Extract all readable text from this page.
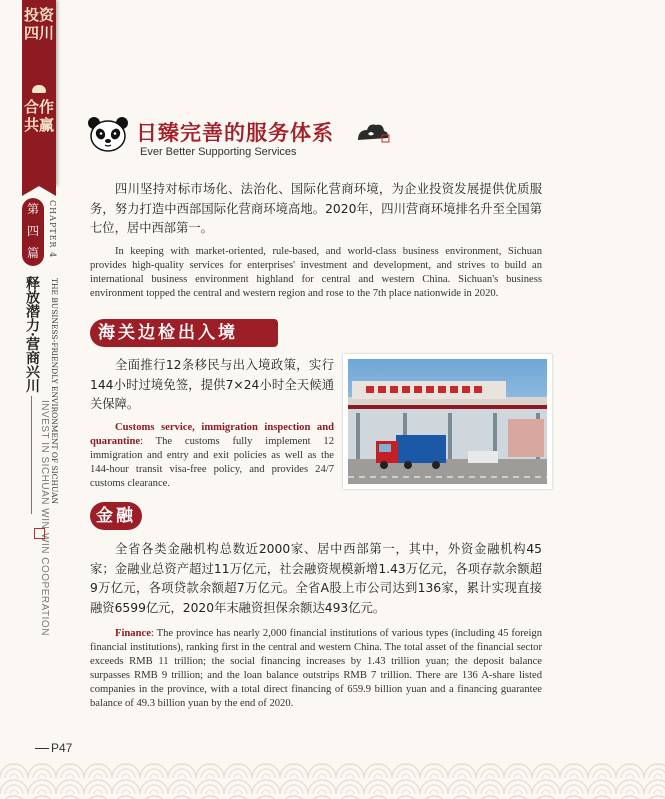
投资四川
合作共赢
第四篇	CHAPTER 4
释放潜力·营商兴川	THE BUSINESS-FRIENDLY ENVIRONMENT OF SICHUAN
INVEST IN SICHUAN WIN-WIN COOPERATION
日臻完善的服务体系
Ever Better Supporting Services
四川坚持对标市场化、法治化、国际化营商环境，为企业投资发展提供优质服务，努力打造中西部国际化营商环境高地。2020年，四川营商环境排名升至全国第七位，居中西部第一。
In keeping with market-oriented, rule-based, and world-class business environment, Sichuan provides high-quality services for enterprises' investment and development, and strives to build an international business environment highland for central and western China. Sichuan's business environment topped the central and western region and rose to the 7th place nationwide in 2020.
海关边检出入境
全面推行12条移民与出入境政策，实行144小时过境免签，提供7×24小时全天候通关保障。
Customs service, immigration inspection and quarantine: The customs fully implement 12 immigration and entry and exit policies as well as the 144-hour transit visa-free policy, and provides 24/7 customs clearance.
金融
全省各类金融机构总数近2000家、居中西部第一，其中，外资金融机构45家；金融业总资产超过11万亿元，社会融资规模新增1.43万亿元，各项存款余额超9万亿元，各项贷款余额超7万亿元。全省A股上市公司达到136家，累计实现直接融资6599亿元，2020年末融资担保余额达493亿元。
Finance: The province has nearly 2,000 financial institutions of various types (including 45 foreign financial institutions), ranking first in the central and western China. The total asset of the financial sector exceeds RMB 11 trillion; the social financing increases by 1.43 trillion yuan; the deposit balance surpasses RMB 9 trillion; and the loan balance outstrips RMB 7 trillion. There are 136 A-share listed companies in the province, with a total direct financing of 659.9 billion yuan and a financing guarantee balance of 49.3 billion yuan by the end of 2020.
P47
